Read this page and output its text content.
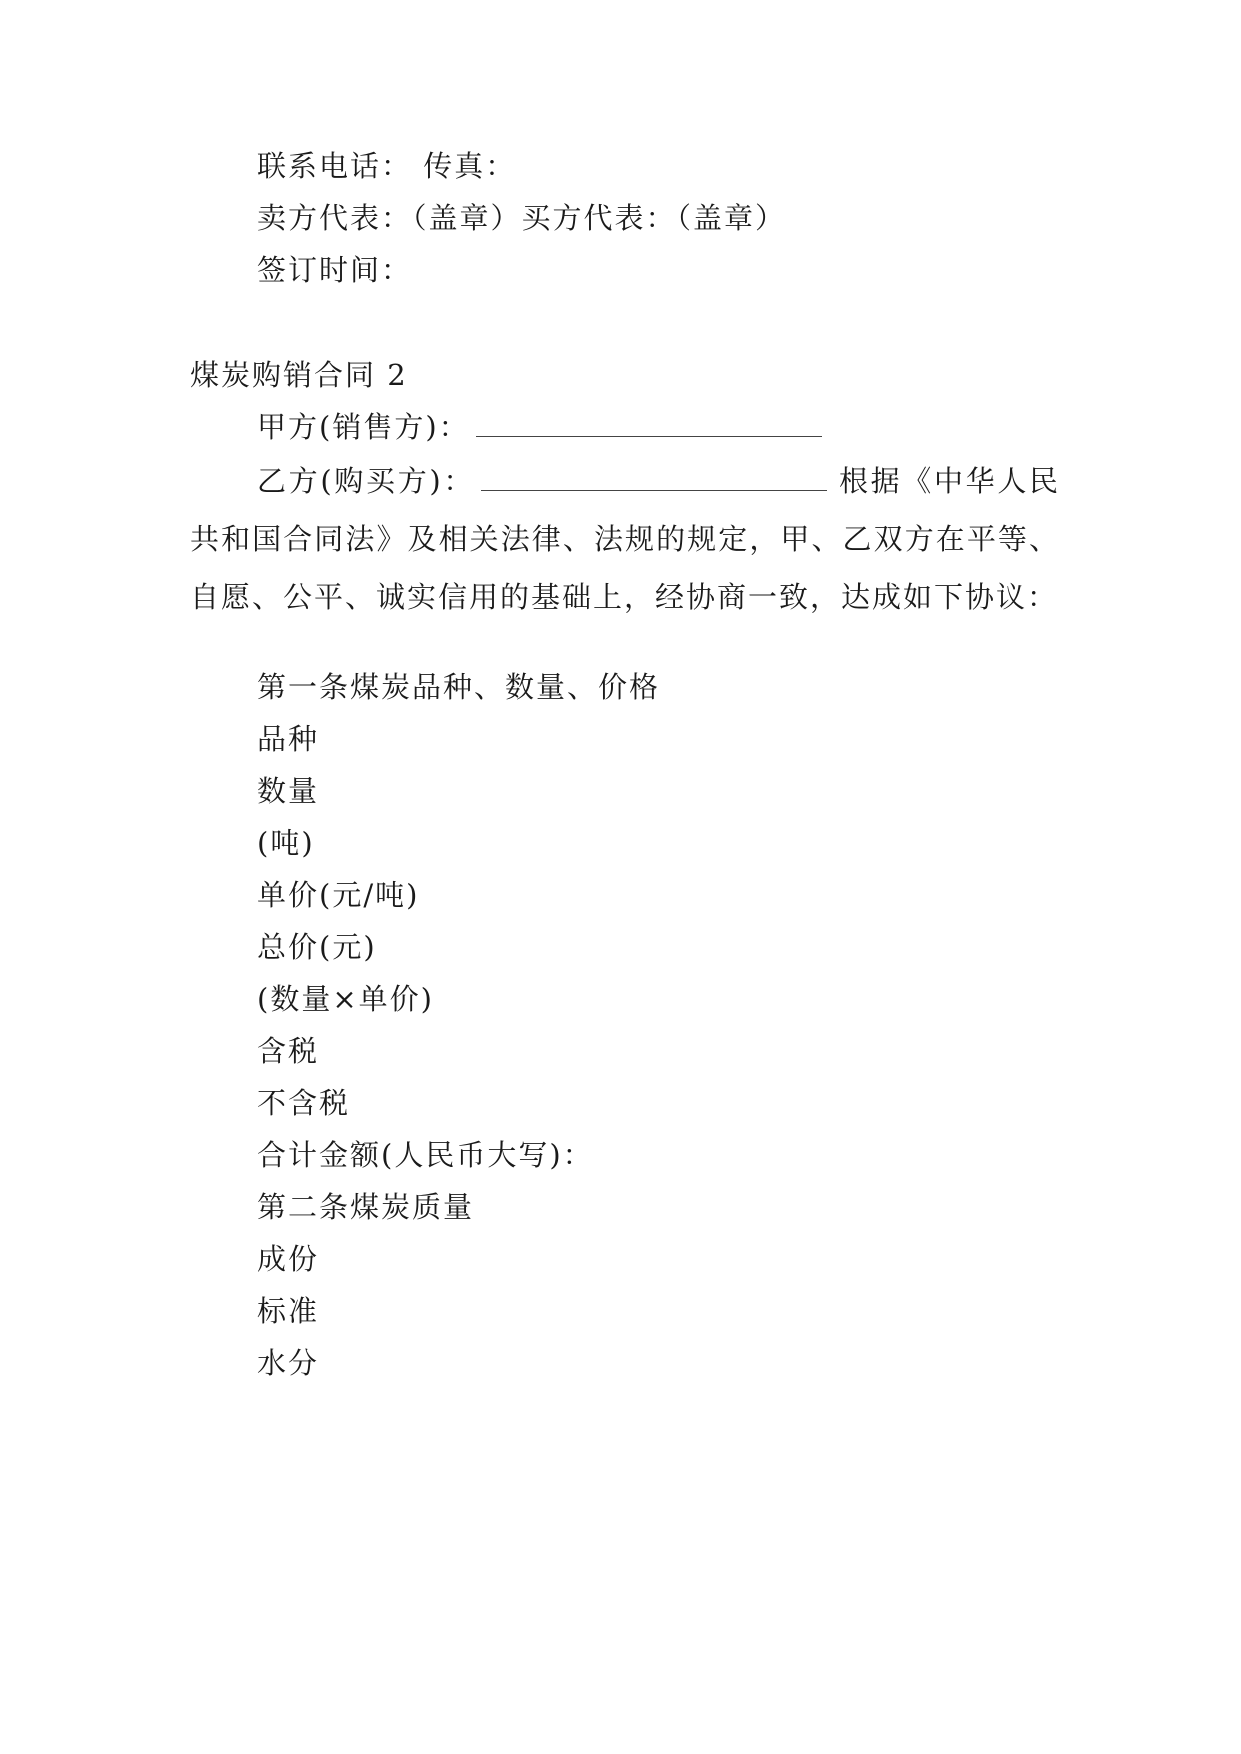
联系电话： 传真：
卖方代表：（盖章）买方代表：（盖章）
签订时间：
煤炭购销合同 2
甲方(销售方)：
乙方(购买方)：	根据《中华人民共和国合同法》及相关法律、法规的规定，甲、乙双方在平等、自愿、公平、诚实信用的基础上，经协商一致，达成如下协议：
第一条煤炭品种、数量、价格
品种
数量
(吨)
单价(元/吨)
总价(元)
(数量×单价)
含税
不含税
合计金额(人民币大写)：
第二条煤炭质量
成份
标准
水分
